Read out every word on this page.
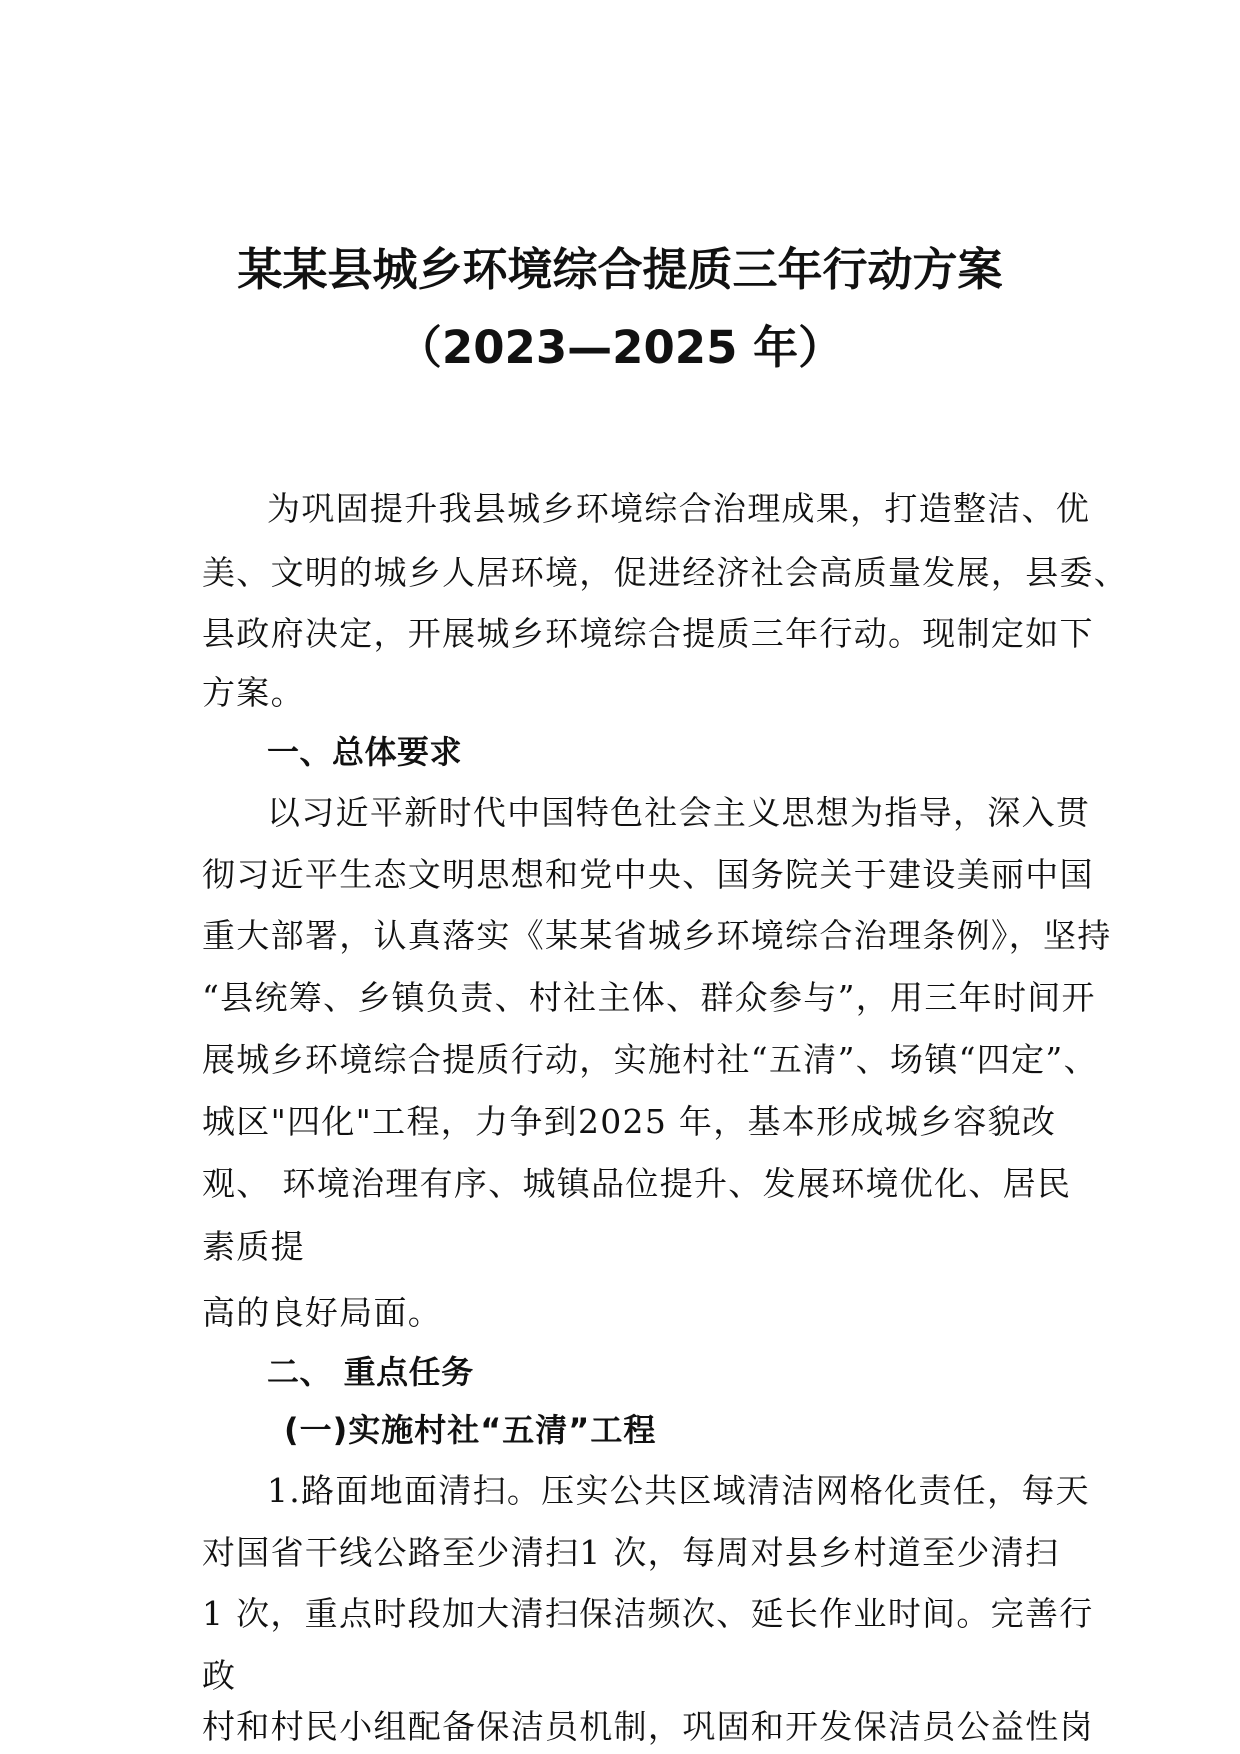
某某县城乡环境综合提质三年行动方案
（2023—2025 年）
为巩固提升我县城乡环境综合治理成果，打造整洁、优
美、文明的城乡人居环境，促进经济社会高质量发展，县委、
县政府决定，开展城乡环境综合提质三年行动。现制定如下
方案。
一、总体要求
以习近平新时代中国特色社会主义思想为指导，深入贯
彻习近平生态文明思想和党中央、国务院关于建设美丽中国
重大部署，认真落实《某某省城乡环境综合治理条例》，坚持
“县统筹、乡镇负责、村社主体、群众参与”，用三年时间开
展城乡环境综合提质行动，实施村社“五清”、场镇“四定”、
城区"四化"工程，力争到2025 年，基本形成城乡容貌改
观、 环境治理有序、城镇品位提升、发展环境优化、居民
素质提
高的良好局面。
二、 重点任务
(一)实施村社“五清”工程
1.路面地面清扫。压实公共区域清洁网格化责任，每天
对国省干线公路至少清扫1 次，每周对县乡村道至少清扫
1 次，重点时段加大清扫保洁频次、延长作业时间。完善行
政
村和村民小组配备保洁员机制，巩固和开发保洁员公益性岗
